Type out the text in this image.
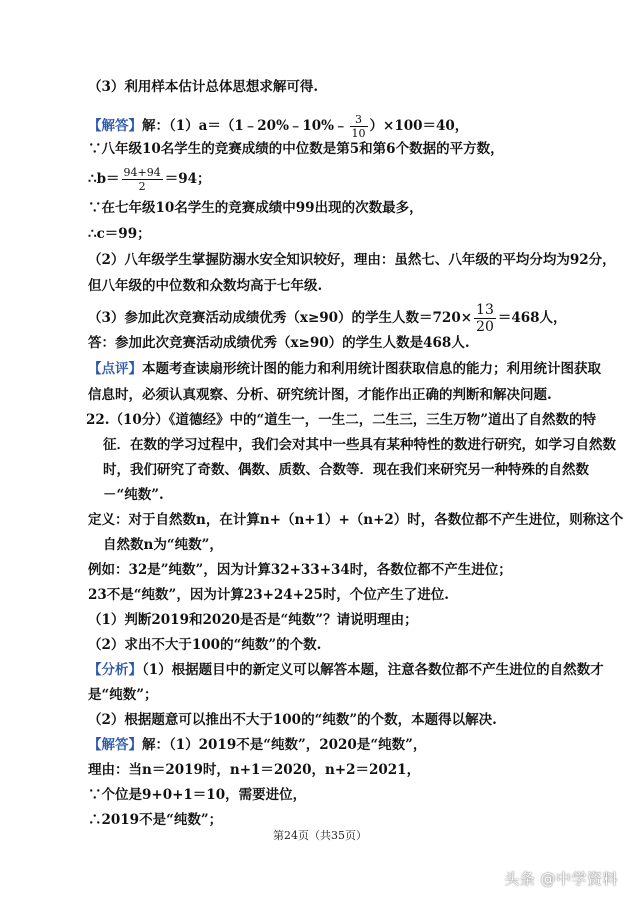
（3）利用样本估计总体思想求解可得.
【解答】解：（1）a＝（1﹣20%﹣10%﹣ $\frac{3}{10} )\times 100=40$，
∵八年级10名学生的竞赛成绩的中位数是第5和第6个数据的平方数，
∴b＝ $\frac{94+94}{2} =94$；
∵在七年级10名学生的竞赛成绩中99出现的次数最多，
∴c＝99；
（2）八年级学生掌握防溺水安全知识较好，理由：虽然七、八年级的平均分均为92分，
但八年级的中位数和众数均高于七年级.
（3）参加此次竞赛活动成绩优秀（x≥90）的学生人数$=720\times \frac{13}{20} =468$人，
答：参加此次竞赛活动成绩优秀（x≥90）的学生人数是468人.
【点评】本题考查读扇形统计图的能力和利用统计图获取信息的能力；利用统计图获取
信息时，必须认真观察、分析、研究统计图，才能作出正确的判断和解决问题.
22.（10分）《道德经》中的“道生一，一生二，二生三，三生万物”道出了自然数的特
征．在数的学习过程中，我们会对其中一些具有某种特性的数进行研究，如学习自然数
时，我们研究了奇数、偶数、质数、合数等．现在我们来研究另一种特殊的自然数
－“纯数”.
定义：对于自然数n，在计算n+（n+1）+（n+2）时，各数位都不产生进位，则称这个
自然数n为“纯数”，
例如：32是”纯数”，因为计算32+33+34时，各数位都不产生进位；
23不是“纯数”，因为计算23+24+25时，个位产生了进位.
（1）判断2019和2020是否是“纯数”？请说明理由；
（2）求出不大于100的“纯数”的个数.
【分析】（1）根据题目中的新定义可以解答本题，注意各数位都不产生进位的自然数才
是“纯数”；
（2）根据题意可以推出不大于100的“纯数”的个数，本题得以解决.
【解答】解：（1）2019不是“纯数”，2020是“纯数”，
理由：当n＝2019时，n+1＝2020，n+2＝2021，
∵个位是9+0+1＝10，需要进位，
∴2019不是“纯数”；
第24页（共35页）
头条 @中学资料
